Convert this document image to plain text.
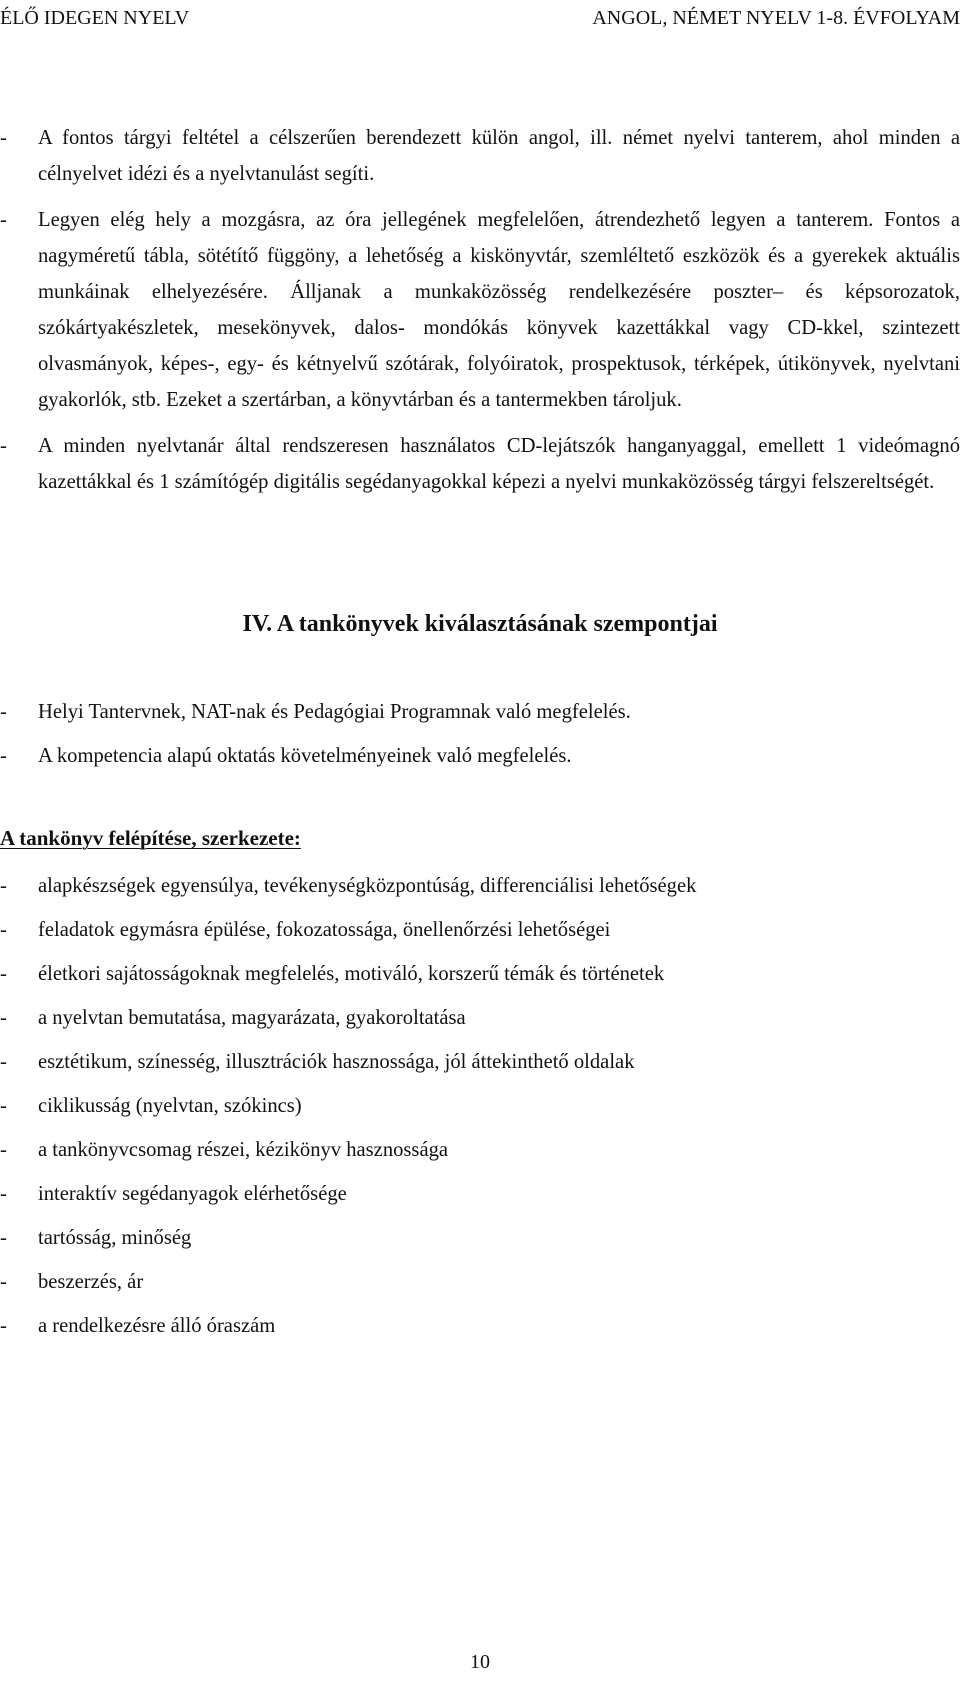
ÉLŐ IDEGEN NYELV	ANGOL, NÉMET NYELV 1-8. ÉVFOLYAM
- A fontos tárgyi feltétel a célszerűen berendezett külön angol, ill. német nyelvi tanterem, ahol minden a célnyelvet idézi és a nyelvtanulást segíti.
- Legyen elég hely a mozgásra, az óra jellegének megfelelően, átrendezhető legyen a tanterem. Fontos a nagyméretű tábla, sötétítő függöny, a lehetőség a kiskönyvtár, szemléltető eszközök és a gyerekek aktuális munkáinak elhelyezésére. Álljanak a munkaközösség rendelkezésére poszter– és képsorozatok, szókártyakészletek, mesekönyvek, dalos- mondókás könyvek kazettákkal vagy CD-kkel, szintezett olvasmányok, képes-, egy- és kétnyelvű szótárak, folyóiratok, prospektusok, térképek, útikönyvek, nyelvtani gyakorlók, stb. Ezeket a szertárban, a könyvtárban és a tantermekben tároljuk.
- A minden nyelvtanár által rendszeresen használatos CD-lejátszók hanganyaggal, emellett 1 videómagnó kazettákkal és 1 számítógép digitális segédanyagokkal képezi a nyelvi munkaközösség tárgyi felszereltségét.

IV. A tankönyvek kiválasztásának szempontjai

- Helyi Tantervnek, NAT-nak és Pedagógiai Programnak való megfelelés.

- A kompetencia alapú oktatás követelményeinek való megfelelés.

A tankönyv felépítése, szerkezete:

- alapkészségek egyensúlya, tevékenységközpontúság, differenciálisi lehetőségek

- feladatok egymásra épülése, fokozatossága, önellenőrzési lehetőségei

- életkori sajátosságoknak megfelelés, motiváló, korszerű témák és történetek

- a nyelvtan bemutatása, magyarázata, gyakoroltatása

- esztétikum, színesség, illusztrációk hasznossága, jól áttekinthető oldalak

- ciklikusság (nyelvtan, szókincs)

- a tankönyvcsomag részei, kézikönyv hasznossága

- interaktív segédanyagok elérhetősége

- tartósság, minőség

- beszerzés, ár

- a rendelkezésre álló óraszám

10
